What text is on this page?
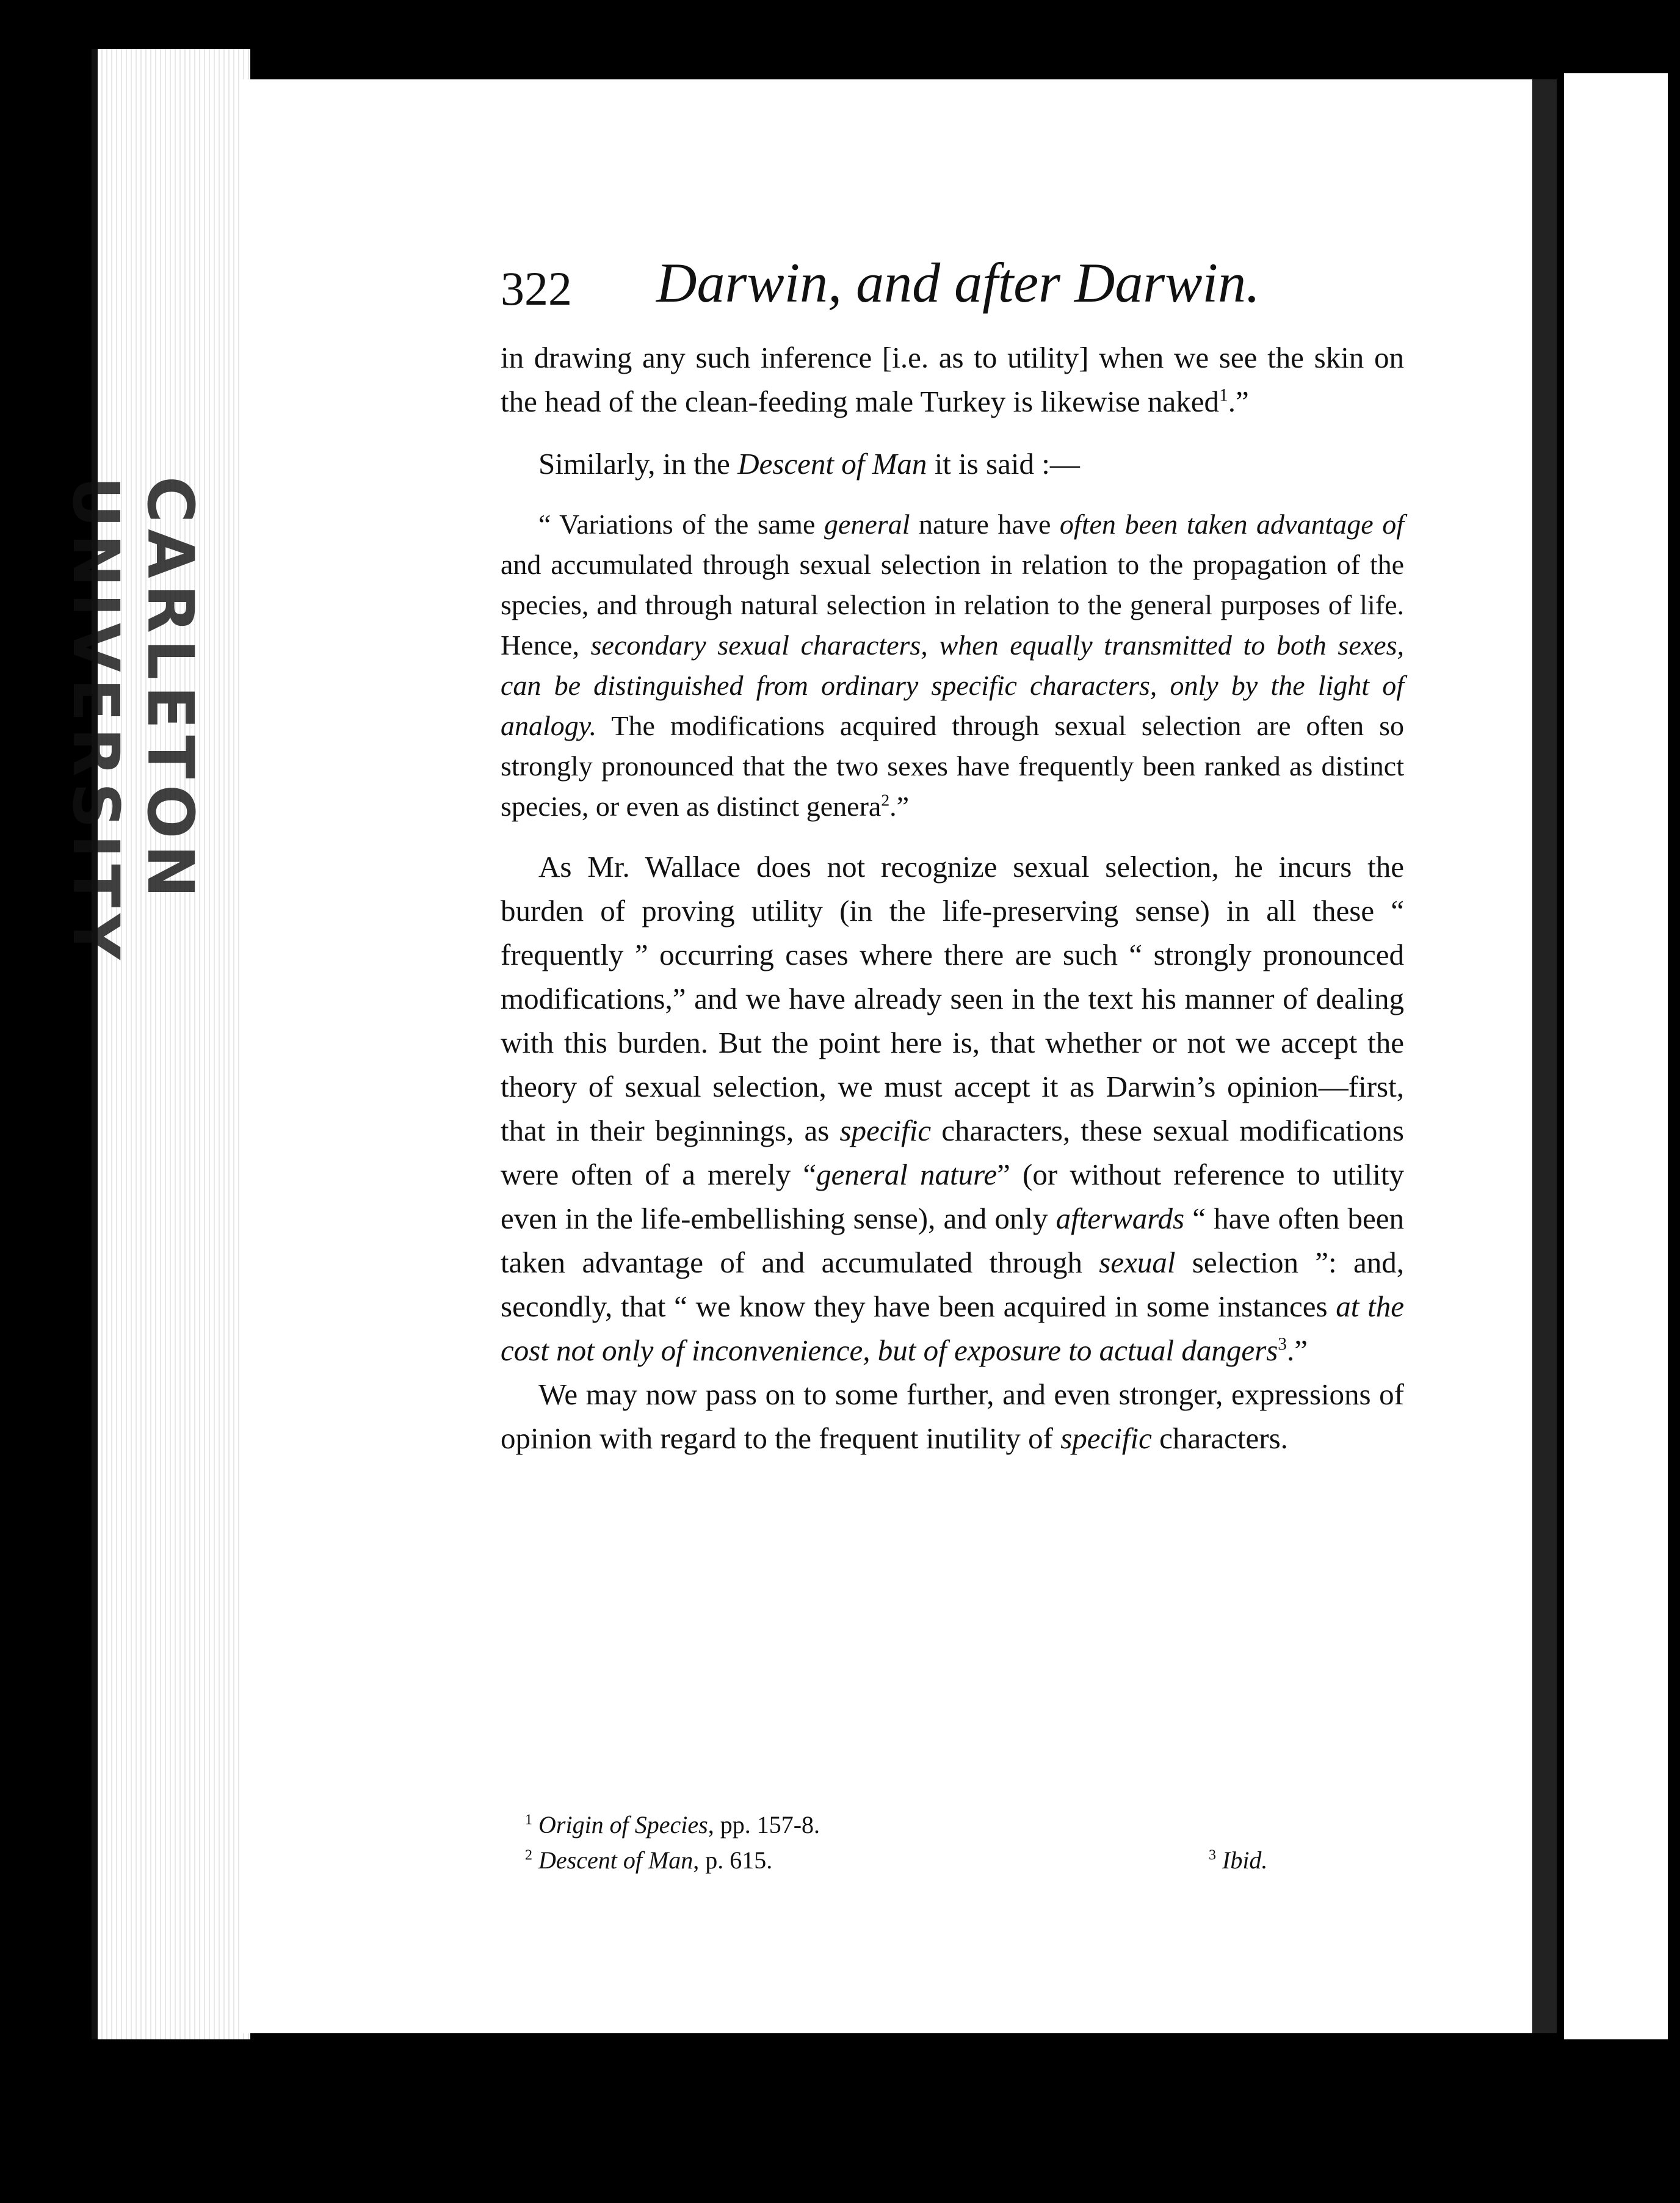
CARLETON UNIVERSITY
322 Darwin, and after Darwin.

in drawing any such inference [i.e. as to utility] when we see the skin on the head of the clean-feeding male Turkey is likewise naked$^1$.”

Similarly, in the Descent of Man it is said :—

“ Variations of the same general nature have often been taken advantage of and accumulated through sexual selection in relation to the propagation of the species, and through natural selection in relation to the general purposes of life. Hence, secondary sexual characters, when equally transmitted to both sexes, can be distinguished from ordinary specific characters, only by the light of analogy. The modifications acquired through sexual selection are often so strongly pronounced that the two sexes have frequently been ranked as distinct species, or even as distinct genera$^2$.”

As Mr. Wallace does not recognize sexual selection, he incurs the burden of proving utility (in the life-preserving sense) in all these “ frequently ” occurring cases where there are such “ strongly pronounced modifications,” and we have already seen in the text his manner of dealing with this burden. But the point here is, that whether or not we accept the theory of sexual selection, we must accept it as Darwin’s opinion—first, that in their beginnings, as specific characters, these sexual modifications were often of a merely “general nature” (or without reference to utility even in the life-embellishing sense), and only afterwards “ have often been taken advantage of and accumulated through sexual selection ”: and, secondly, that “ we know they have been acquired in some instances at the cost not only of inconvenience, but of exposure to actual dangers$^3$.”

We may now pass on to some further, and even stronger, expressions of opinion with regard to the frequent inutility of specific characters.

$^1$ Origin of Species, pp. 157-8.
$^2$ Descent of Man, p. 615.	$^3$ Ibid.
